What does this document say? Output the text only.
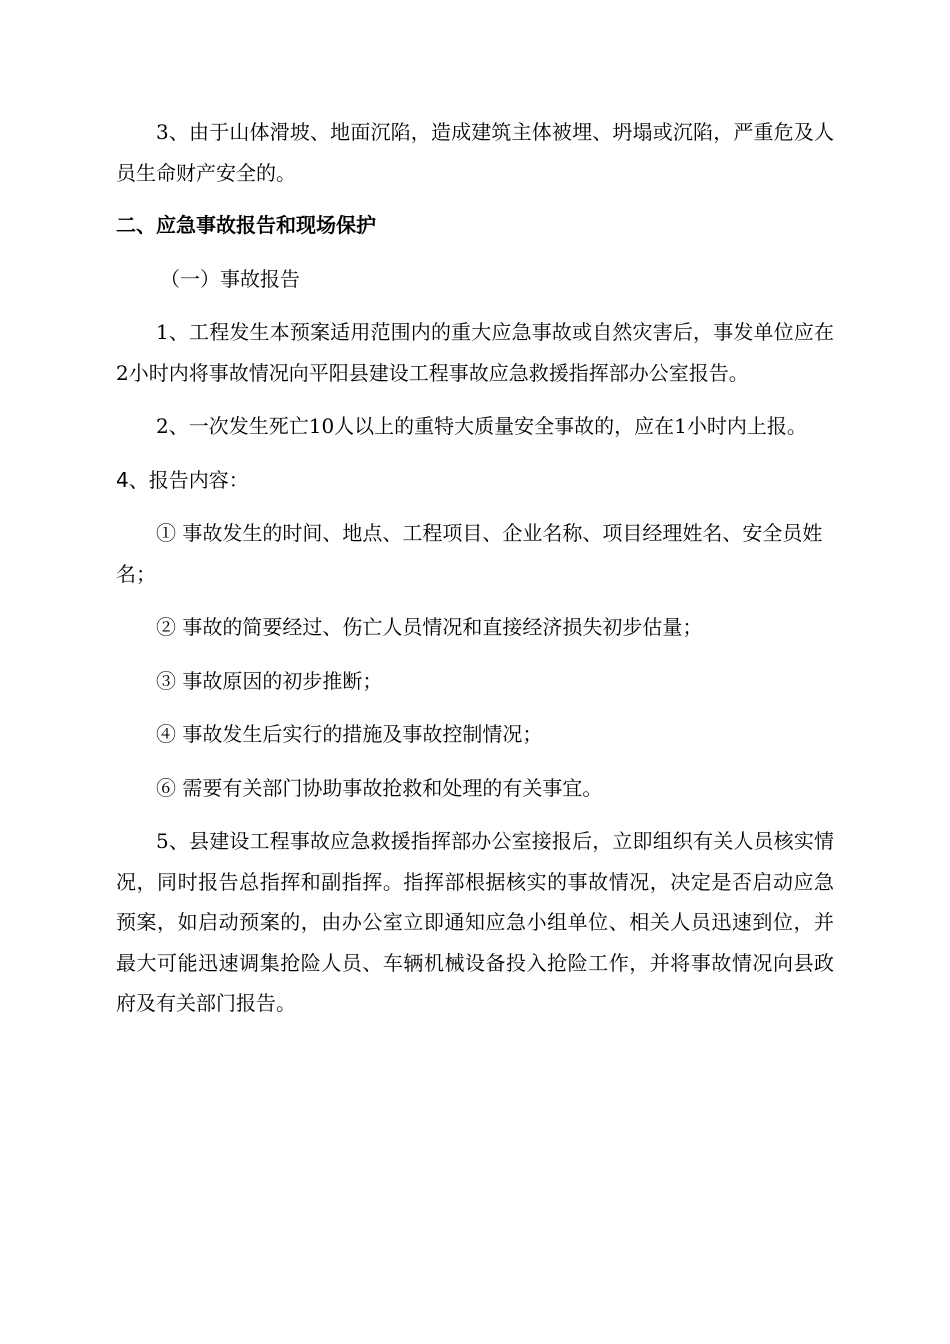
3、由于山体滑坡、地面沉陷，造成建筑主体被埋、坍塌或沉陷，严重危及人员生命财产安全的。

二、应急事故报告和现场保护

（一）事故报告

1、工程发生本预案适用范围内的重大应急事故或自然灾害后，事发单位应在2小时内将事故情况向平阳县建设工程事故应急救援指挥部办公室报告。

2、一次发生死亡10人以上的重特大质量安全事故的，应在1小时内上报。

4、报告内容：

① 事故发生的时间、地点、工程项目、企业名称、项目经理姓名、安全员姓名；

② 事故的简要经过、伤亡人员情况和直接经济损失初步估量；

③ 事故原因的初步推断；

④ 事故发生后实行的措施及事故控制情况；

⑥ 需要有关部门协助事故抢救和处理的有关事宜。

5、县建设工程事故应急救援指挥部办公室接报后，立即组织有关人员核实情况，同时报告总指挥和副指挥。指挥部根据核实的事故情况，决定是否启动应急预案，如启动预案的，由办公室立即通知应急小组单位、相关人员迅速到位，并最大可能迅速调集抢险人员、车辆机械设备投入抢险工作，并将事故情况向县政府及有关部门报告。
